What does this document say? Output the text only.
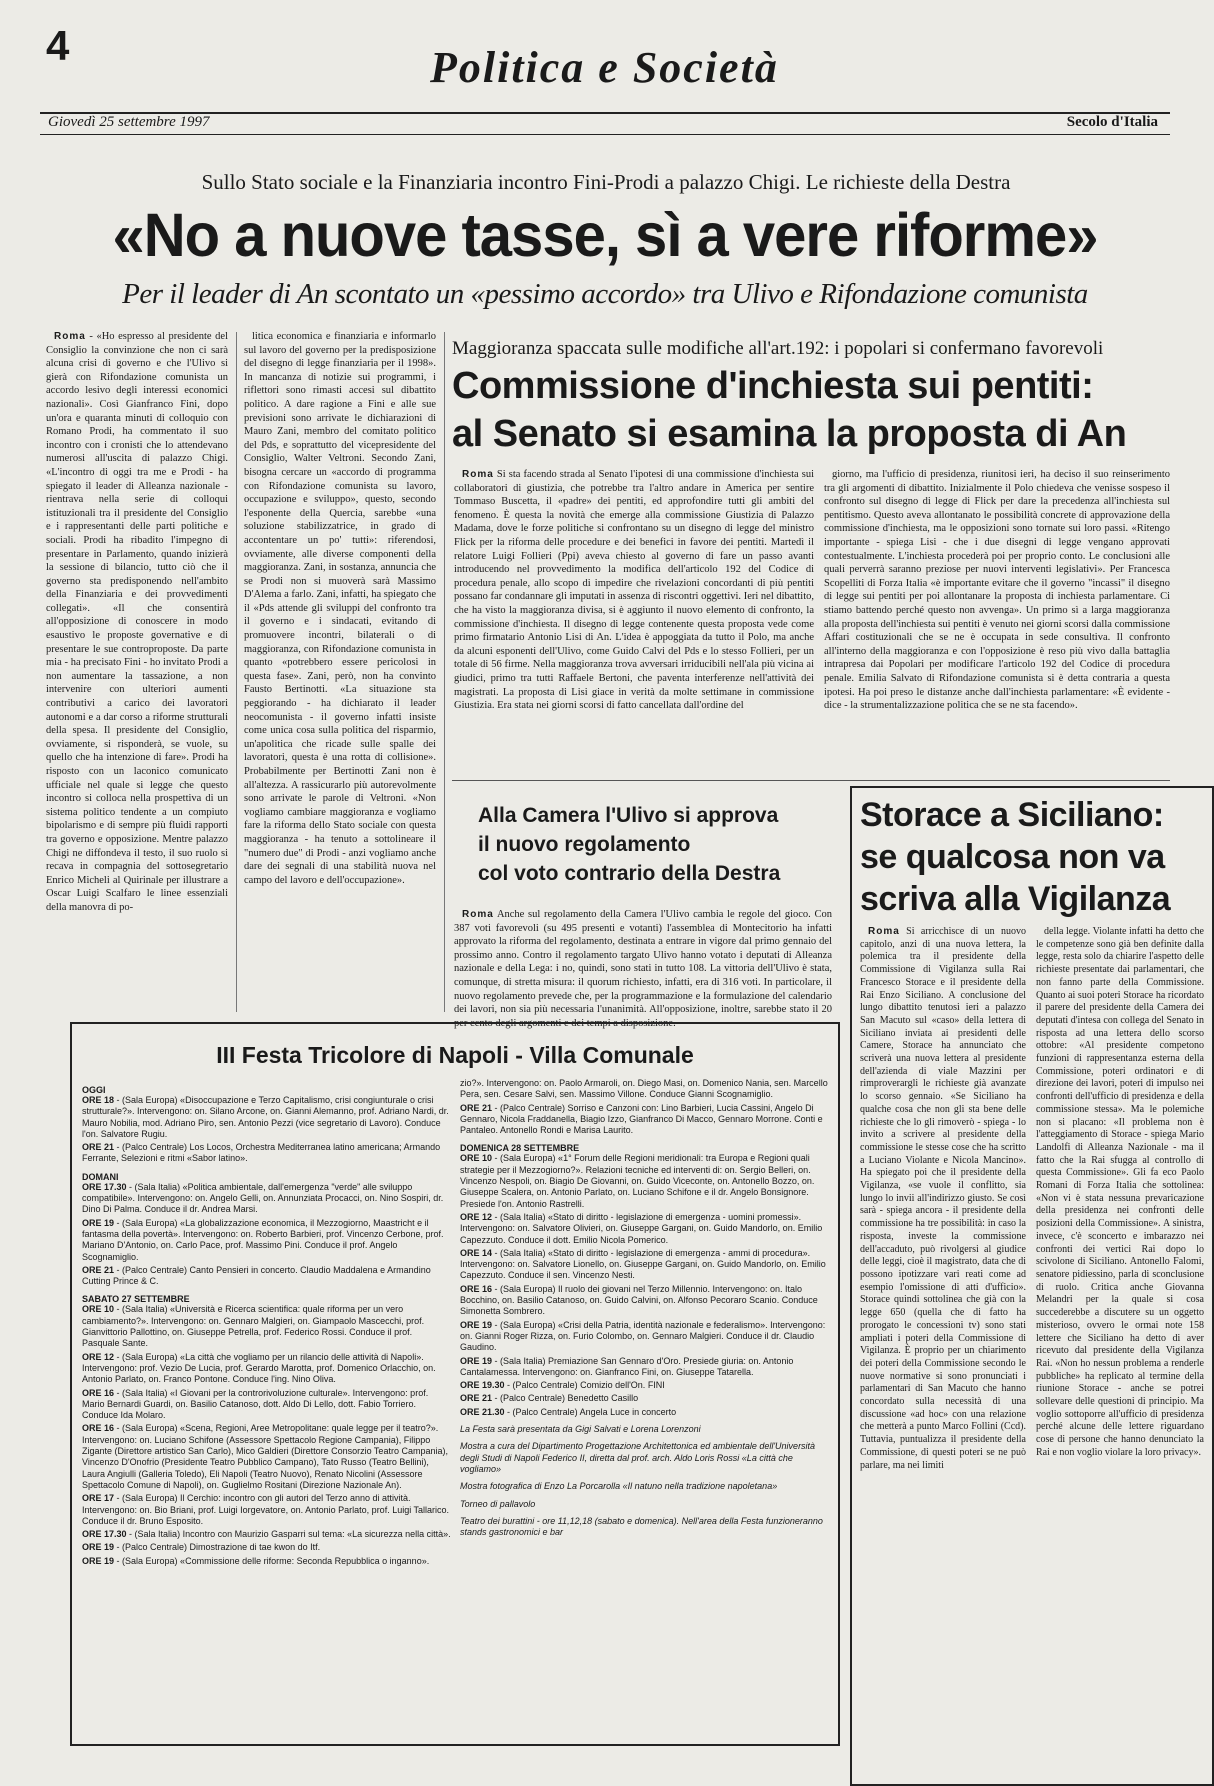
4	Politica e Società
Giovedì 25 settembre 1997	Secolo d'Italia
Sullo Stato sociale e la Finanziaria incontro Fini-Prodi a palazzo Chigi. Le richieste della Destra
«No a nuove tasse, sì a vere riforme»
Per il leader di An scontato un «pessimo accordo» tra Ulivo e Rifondazione comunista

Roma - «Ho espresso al presidente del Consiglio la convinzione che non ci sarà alcuna crisi di governo e che l'Ulivo si gierà con Rifondazione comunista un accordo lesivo degli interessi economici nazionali». Così Gianfranco Fini, dopo un'ora e quaranta minuti di colloquio con Romano Prodi, ha commentato il suo incontro con i cronisti che lo attendevano numerosi all'uscita di palazzo Chigi. «L'incontro di oggi tra me e Prodi - ha spiegato il leader di Alleanza nazionale - rientrava nella serie di colloqui istituzionali tra il presidente del Consiglio e i rappresentanti delle parti politiche e sociali. Prodi ha ribadito l'impegno di presentare in Parlamento, quando inizierà la sessione di bilancio, tutto ciò che il governo sta predisponendo nell'ambito della Finanziaria e dei provvedimenti collegati». «Il che consentirà all'opposizione di conoscere in modo esaustivo le proposte governative e di presentare le sue controproposte. Da parte mia - ha precisato Fini - ho invitato Prodi a non aumentare la tassazione, a non intervenire con ulteriori aumenti contributivi a carico dei lavoratori autonomi e a dar corso a riforme strutturali della spesa. Il presidente del Consiglio, ovviamente, si risponderà, se vuole, su quello che ha intenzione di fare». Prodi ha risposto con un laconico comunicato ufficiale nel quale si legge che questo incontro si colloca nella prospettiva di un sistema politico tendente a un compiuto bipolarismo e di sempre più fluidi rapporti tra governo e opposizione. Mentre palazzo Chigi ne diffondeva il testo, il suo ruolo si recava in compagnia del sottosegretario Enrico Micheli al Quirinale per illustrare a Oscar Luigi Scalfaro le linee essenziali della manovra di po-

litica economica e finanziaria e informarlo sul lavoro del governo per la predisposizione del disegno di legge finanziaria per il 1998». In mancanza di notizie sui programmi, i riflettori sono rimasti accesi sul dibattito politico. A dare ragione a Fini e alle sue previsioni sono arrivate le dichiarazioni di Mauro Zani, membro del comitato politico del Pds, e soprattutto del vicepresidente del Consiglio, Walter Veltroni. Secondo Zani, bisogna cercare un «accordo di programma con Rifondazione comunista su lavoro, occupazione e sviluppo», questo, secondo l'esponente della Quercia, sarebbe «una soluzione stabilizzatrice, in grado di accontentare un po' tutti»: riferendosi, ovviamente, alle diverse componenti della maggioranza. Zani, in sostanza, annuncia che se Prodi non si muoverà sarà Massimo D'Alema a farlo. Zani, infatti, ha spiegato che il «Pds attende gli sviluppi del confronto tra il governo e i sindacati, evitando di promuovere incontri, bilaterali o di maggioranza, con Rifondazione comunista in quanto «potrebbero essere pericolosi in questa fase». Zani, però, non ha convinto Fausto Bertinotti. «La situazione sta peggiorando - ha dichiarato il leader neocomunista - il governo infatti insiste come unica cosa sulla politica del risparmio, un'apolitica che ricade sulle spalle dei lavoratori, questa è una rotta di collisione». Probabilmente per Bertinotti Zani non è all'altezza. A rassicurarlo più autorevolmente sono arrivate le parole di Veltroni. «Non vogliamo cambiare maggioranza e vogliamo fare la riforma dello Stato sociale con questa maggioranza - ha tenuto a sottolineare il "numero due" di Prodi - anzi vogliamo anche dare dei segnali di una stabilità nuova nel campo del lavoro e dell'occupazione».

Maggioranza spaccata sulle modifiche all'art.192: i popolari si confermano favorevoli
Commissione d'inchiesta sui pentiti:
al Senato si esamina la proposta di An

Roma Si sta facendo strada al Senato l'ipotesi di una commissione d'inchiesta sui collaboratori di giustizia, che potrebbe tra l'altro andare in America per sentire Tommaso Buscetta, il «padre» dei pentiti, ed approfondire tutti gli ambiti del fenomeno. È questa la novità che emerge alla commissione Giustizia di Palazzo Madama, dove le forze politiche si confrontano su un disegno di legge del ministro Flick per la riforma delle procedure e dei benefici in favore dei pentiti. Martedì il relatore Luigi Follieri (Ppi) aveva chiesto al governo di fare un passo avanti introducendo nel provvedimento la modifica dell'articolo 192 del Codice di procedura penale, allo scopo di impedire che rivelazioni concordanti di più pentiti possano far condannare gli imputati in assenza di riscontri oggettivi. Ieri nel dibattito, che ha visto la maggioranza divisa, si è aggiunto il nuovo elemento di confronto, la commissione d'inchiesta. Il disegno di legge contenente questa proposta vede come primo firmatario Antonio Lisi di An. L'idea è appoggiata da tutto il Polo, ma anche da alcuni esponenti dell'Ulivo, come Guido Calvi del Pds e lo stesso Follieri, per un totale di 56 firme. Nella maggioranza trova avversari irriducibili nell'ala più vicina ai giudici, primo tra tutti Raffaele Bertoni, che paventa interferenze nell'attività dei magistrati. La proposta di Lisi giace in verità da molte settimane in commissione Giustizia. Era stata nei giorni scorsi di fatto cancellata dall'ordine del

giorno, ma l'ufficio di presidenza, riunitosi ieri, ha deciso il suo reinserimento tra gli argomenti di dibattito. Inizialmente il Polo chiedeva che venisse sospeso il confronto sul disegno di legge di Flick per dare la precedenza all'inchiesta sul pentitismo. Questo aveva allontanato le possibilità concrete di approvazione della commissione d'inchiesta, ma le opposizioni sono tornate sui loro passi. «Ritengo importante - spiega Lisi - che i due disegni di legge vengano approvati contestualmente. L'inchiesta procederà poi per proprio conto. Le conclusioni alle quali perverrà saranno preziose per nuovi interventi legislativi». Per Francesca Scopelliti di Forza Italia «è importante evitare che il governo "incassi" il disegno di legge sui pentiti per poi allontanare la proposta di inchiesta parlamentare. Ci stiamo battendo perché questo non avvenga». Un primo sì a larga maggioranza alla proposta dell'inchiesta sui pentiti è venuto nei giorni scorsi dalla commissione Affari costituzionali che se ne è occupata in sede consultiva. Il confronto all'interno della maggioranza e con l'opposizione è reso più vivo dalla battaglia intrapresa dai Popolari per modificare l'articolo 192 del Codice di procedura penale. Emilia Salvato di Rifondazione comunista si è detta contraria a questa ipotesi. Ha poi preso le distanze anche dall'inchiesta parlamentare: «È evidente - dice - la strumentalizzazione politica che se ne sta facendo».

Alla Camera l'Ulivo si approva
il nuovo regolamento
col voto contrario della Destra

Roma Anche sul regolamento della Camera l'Ulivo cambia le regole del gioco. Con 387 voti favorevoli (su 495 presenti e votanti) l'assemblea di Montecitorio ha infatti approvato la riforma del regolamento, destinata a entrare in vigore dal primo gennaio del prossimo anno. Contro il regolamento targato Ulivo hanno votato i deputati di Alleanza nazionale e della Lega: i no, quindi, sono stati in tutto 108. La vittoria dell'Ulivo è stata, comunque, di stretta misura: il quorum richiesto, infatti, era di 316 voti. In particolare, il nuovo regolamento prevede che, per la programmazione e la formulazione del calendario dei lavori, non sia più necessaria l'unanimità. All'opposizione, inoltre, sarebbe stato il 20 per cento degli argomenti e dei tempi a disposizione.

Storace a Siciliano:
se qualcosa non va
scriva alla Vigilanza

Roma Si arricchisce di un nuovo capitolo, anzi di una nuova lettera, la polemica tra il presidente della Commissione di Vigilanza sulla Rai Francesco Storace e il presidente della Rai Enzo Siciliano. A conclusione del lungo dibattito tenutosi ieri a palazzo San Macuto sul «caso» della lettera di Siciliano inviata ai presidenti delle Camere, Storace ha annunciato che scriverà una nuova lettera al presidente dell'azienda di viale Mazzini per rimproverargli le richieste già avanzate lo scorso gennaio. «Se Siciliano ha qualche cosa che non gli sta bene delle richieste che lo gli rimoverò - spiega - lo invito a scrivere al presidente della commissione le stesse cose che ha scritto a Luciano Violante e Nicola Mancino». Ha spiegato poi che il presidente della Vigilanza, «se vuole il conflitto, sia lungo lo invii all'indirizzo giusto. Se così sarà - spiega ancora - il presidente della commissione ha tre possibilità: in caso la risposta, investe la commissione dell'accaduto, può rivolgersi al giudice delle leggi, cioè il magistrato, data che di possono ipotizzare vari reati come ad esempio l'omissione di atti d'ufficio». Storace quindi sottolinea che già con la legge 650 (quella che di fatto ha prorogato le concessioni tv) sono stati ampliati i poteri della Commissione di Vigilanza. È proprio per un chiarimento dei poteri della Commissione secondo le nuove normative si sono pronunciati i parlamentari di San Macuto che hanno concordato sulla necessità di una discussione «ad hoc» con una relazione che metterà a punto Marco Follini (Ccd). Tuttavia, puntualizza il presidente della Commissione, di questi poteri se ne può parlare, ma nei limiti

della legge. Violante infatti ha detto che le competenze sono già ben definite dalla legge, resta solo da chiarire l'aspetto delle richieste presentate dai parlamentari, che non fanno parte della Commissione. Quanto ai suoi poteri Storace ha ricordato il parere del presidente della Camera dei deputati d'intesa con collega del Senato in risposta ad una lettera dello scorso ottobre: «Al presidente competono funzioni di rappresentanza esterna della Commissione, poteri ordinatori e di direzione dei lavori, poteri di impulso nei confronti dell'ufficio di presidenza e della commissione stessa». Ma le polemiche non si placano: «Il problema non è l'atteggiamento di Storace - spiega Mario Landolfi di Alleanza Nazionale - ma il fatto che la Rai sfugga al controllo di questa Commissione». Gli fa eco Paolo Romani di Forza Italia che sottolinea: «Non vi è stata nessuna prevaricazione della presidenza nei confronti delle posizioni della Commissione». A sinistra, invece, c'è sconcerto e imbarazzo nei confronti dei vertici Rai dopo lo scivolone di Siciliano. Antonello Falomi, senatore pidiessino, parla di sconclusione di ruolo. Critica anche Giovanna Melandri per la quale si cosa succederebbe a discutere su un oggetto misterioso, ovvero le ormai note 158 lettere che Siciliano ha detto di aver ricevuto dal presidente della Vigilanza Rai. «Non ho nessun problema a renderle pubbliche» ha replicato al termine della riunione Storace - anche se potrei sollevare delle questioni di principio. Ma voglio sottoporre all'ufficio di presidenza perché alcune delle lettere riguardano cose di persone che hanno denunciato la Rai e non voglio violare la loro privacy».

III Festa Tricolore di Napoli - Villa Comunale
OGGI
ORE 18 - (Sala Europa) «Disoccupazione e Terzo Capitalismo, crisi congiunturale o crisi strutturale?». Intervengono: on. Silano Arcone, on. Gianni Alemanno, prof. Adriano Nardi, dr. Mauro Nobilia, mod. Adriano Piro, sen. Antonio Pezzi (vice segretario di Lavoro). Conduce l'on. Salvatore Rugiu.
ORE 21 - (Palco Centrale) Los Locos, Orchestra Mediterranea latino americana; Armando Ferrante, Selezioni e ritmi «Sabor latino».
DOMANI
ORE 17.30 - (Sala Italia) «Politica ambientale, dall'emergenza "verde" alle sviluppo compatibile». Intervengono: on. Angelo Gelli, on. Annunziata Procacci, on. Nino Sospiri, dr. Dino Di Palma. Conduce il dr. Andrea Marsi.
ORE 19 - (Sala Europa) «La globalizzazione economica, il Mezzogiorno, Maastricht e il fantasma della povertà». Intervengono: on. Roberto Barbieri, prof. Vincenzo Cerbone, prof. Mariano D'Antonio, on. Carlo Pace, prof. Massimo Pini. Conduce il prof. Angelo Scognamiglio.
ORE 21 - (Palco Centrale) Canto Pensieri in concerto. Claudio Maddalena e Armandino Cutting Prince & C.
SABATO 27 SETTEMBRE
ORE 10 - (Sala Italia) «Università e Ricerca scientifica: quale riforma per un vero cambiamento?». Intervengono: on. Gennaro Malgieri, on. Giampaolo Mascecchi, prof. Gianvittorio Pallottino, on. Giuseppe Petrella, prof. Federico Rossi. Conduce il prof. Pasquale Sante.
ORE 12 - (Sala Europa) «La città che vogliamo per un rilancio delle attività di Napoli». Intervengono: prof. Vezio De Lucia, prof. Gerardo Marotta, prof. Domenico Orlacchio, on. Antonio Parlato, on. Franco Pontone. Conduce l'ing. Nino Oliva.
ORE 16 - (Sala Italia) «I Giovani per la controrivoluzione culturale». Intervengono: prof. Mario Bernardi Guardi, on. Basilio Catanoso, dott. Aldo Di Lello, dott. Fabio Torriero. Conduce Ida Molaro.
ORE 16 - (Sala Europa) «Scena, Regioni, Aree Metropolitane: quale legge per il teatro?». Intervengono: on. Luciano Schifone (Assessore Spettacolo Regione Campania), Filippo Zigante (Direttore artistico San Carlo), Mico Galdieri (Direttore Consorzio Teatro Campania), Vincenzo D'Onofrio (Presidente Teatro Pubblico Campano), Tato Russo (Teatro Bellini), Laura Angiulli (Galleria Toledo), Eli Napoli (Teatro Nuovo), Renato Nicolini (Assessore Spettacolo Comune di Napoli), on. Guglielmo Rositani (Direzione Nazionale An).
ORE 17 - (Sala Europa) Il Cerchio: incontro con gli autori del Terzo anno di attività. Intervengono: on. Bio Briani, prof. Luigi Iorgevatore, on. Antonio Parlato, prof. Luigi Tallarico. Conduce il dr. Bruno Esposito.
ORE 17.30 - (Sala Italia) Incontro con Maurizio Gasparri sul tema: «La sicurezza nella città».
ORE 19 - (Palco Centrale) Dimostrazione di tae kwon do Itf.
ORE 19 - (Sala Europa) «Commissione delle riforme: Seconda Repubblica o inganno».
zio?». Intervengono: on. Paolo Armaroli, on. Diego Masi, on. Domenico Nania, sen. Marcello Pera, sen. Cesare Salvi, sen. Massimo Villone. Conduce Gianni Scognamiglio.
ORE 21 - (Palco Centrale) Sorriso e Canzoni con: Lino Barbieri, Lucia Cassini, Angelo Di Gennaro, Nicola Fraddanella, Biagio Izzo, Gianfranco Di Macco, Gennaro Morrone. Conti e Pantaleo. Antonello Rondi e Marisa Laurito.
DOMENICA 28 SETTEMBRE
ORE 10 - (Sala Europa) «1° Forum delle Regioni meridionali: tra Europa e Regioni quali strategie per il Mezzogiorno?». Relazioni tecniche ed interventi di: on. Sergio Belleri, on. Vincenzo Nespoli, on. Biagio De Giovanni, on. Guido Viceconte, on. Antonello Bozzo, on. Giuseppe Scalera, on. Antonio Parlato, on. Luciano Schifone e il dr. Angelo Bonsignore. Presiede l'on. Antonio Rastrelli.
ORE 12 - (Sala Italia) «Stato di diritto - legislazione di emergenza - uomini promessi». Intervengono: on. Salvatore Olivieri, on. Giuseppe Gargani, on. Guido Mandorlo, on. Emilio Capezzuto. Conduce il dott. Emilio Nicola Pomerico.
ORE 14 - (Sala Italia) «Stato di diritto - legislazione di emergenza - ammi di procedura». Intervengono: on. Salvatore Lionello, on. Giuseppe Gargani, on. Guido Mandorlo, on. Emilio Capezzuto. Conduce il sen. Vincenzo Nesti.
ORE 16 - (Sala Europa) Il ruolo dei giovani nel Terzo Millennio. Intervengono: on. Italo Bocchino, on. Basilio Catanoso, on. Guido Calvini, on. Alfonso Pecoraro Scanio. Conduce Simonetta Sombrero.
ORE 19 - (Sala Europa) «Crisi della Patria, identità nazionale e federalismo». Intervengono: on. Gianni Roger Rizza, on. Furio Colombo, on. Gennaro Malgieri. Conduce il dr. Claudio Gaudino.
ORE 19 - (Sala Italia) Premiazione San Gennaro d'Oro. Presiede giuria: on. Antonio Cantalamessa. Intervengono: on. Gianfranco Fini, on. Giuseppe Tatarella.
ORE 19.30 - (Palco Centrale) Comizio dell'On. FINI
ORE 21 - (Palco Centrale) Benedetto Casillo
ORE 21.30 - (Palco Centrale) Angela Luce in concerto
La Festa sarà presentata da Gigi Salvati e Lorena Lorenzoni
Mostra a cura del Dipartimento Progettazione Architettonica ed ambientale dell'Università degli Studi di Napoli Federico II, diretta dal prof. arch. Aldo Loris Rossi «La città che vogliamo»
Mostra fotografica di Enzo La Porcarolla «Il natuno nella tradizione napoletana»
Torneo di pallavolo
Teatro dei burattini - ore 11,12,18 (sabato e domenica). Nell'area della Festa funzioneranno stands gastronomici e bar
